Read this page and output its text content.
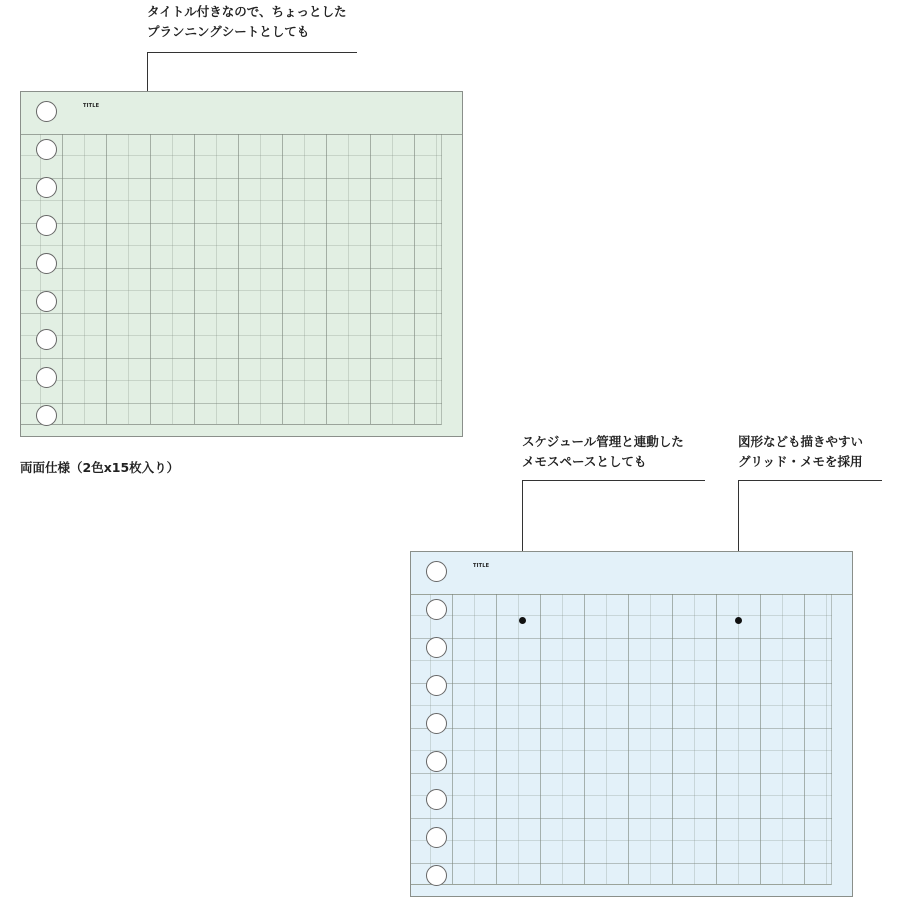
タイトル付きなので、ちょっとした
プランニングシートとしても
TITLE
両面仕様（2色x15枚入り）
スケジュール管理と連動した
メモスペースとしても
図形なども描きやすい
グリッド・メモを採用
TITLE
